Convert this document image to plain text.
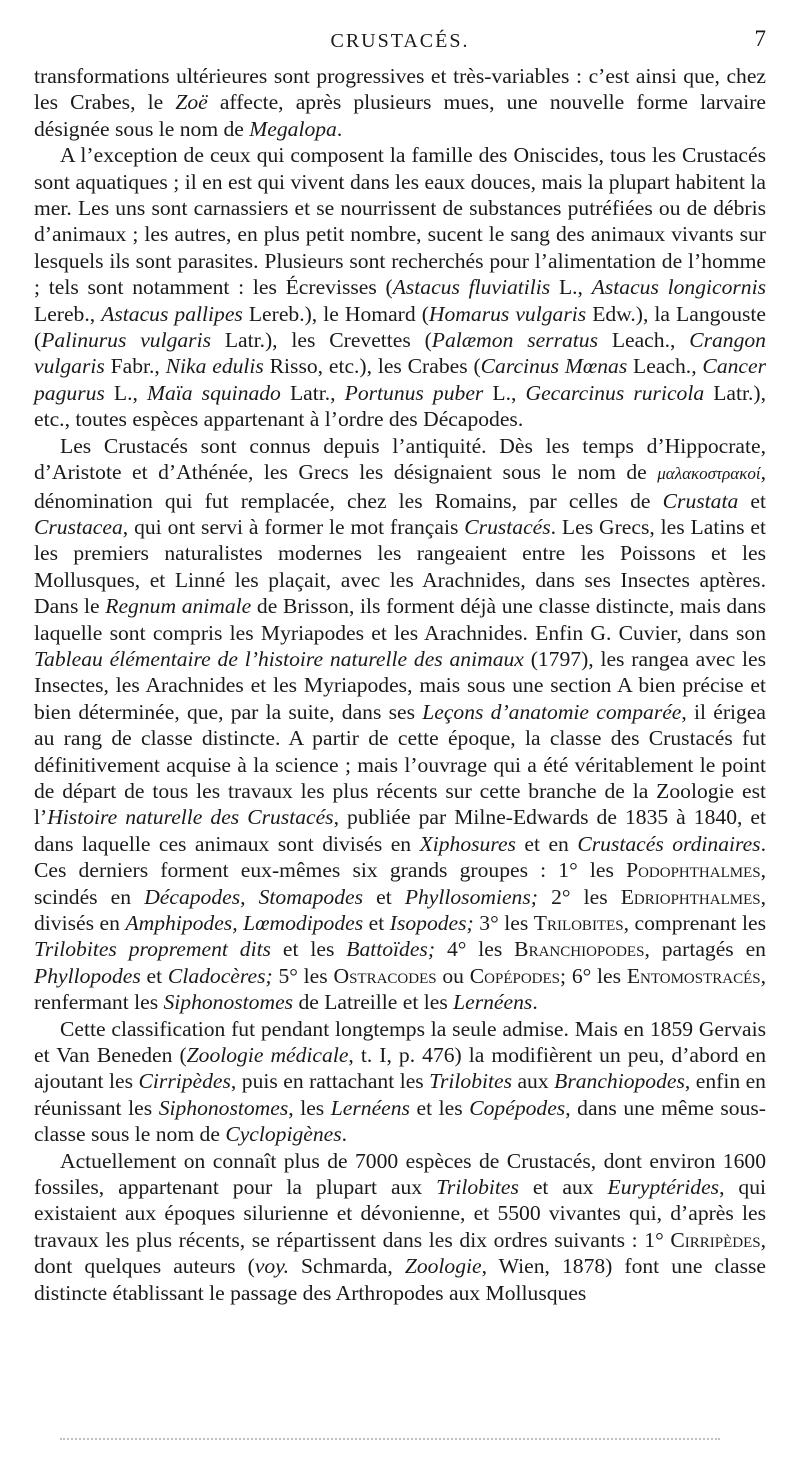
CRUSTACÉS.	7

transformations ultérieures sont progressives et très-variables : c’est ainsi que, chez les Crabes, le Zoë affecte, après plusieurs mues, une nouvelle forme larvaire désignée sous le nom de Megalopa.

A l’exception de ceux qui composent la famille des Oniscides, tous les Crustacés sont aquatiques ; il en est qui vivent dans les eaux douces, mais la plupart habitent la mer. Les uns sont carnassiers et se nourrissent de substances putréfiées ou de débris d’animaux ; les autres, en plus petit nombre, sucent le sang des animaux vivants sur lesquels ils sont parasites. Plusieurs sont recherchés pour l’alimentation de l’homme ; tels sont notamment : les Écrevisses (Astacus fluviatilis L., Astacus longicornis Lereb., Astacus pallipes Lereb.), le Homard (Homarus vulgaris Edw.), la Langouste (Palinurus vulgaris Latr.), les Crevettes (Palæmon serratus Leach., Crangon vulgaris Fabr., Nika edulis Risso, etc.), les Crabes (Carcinus Mœnas Leach., Cancer pagurus L., Maïa squinado Latr., Portunus puber L., Gecarcinus ruricola Latr.), etc., toutes espèces appartenant à l’ordre des Décapodes.

Les Crustacés sont connus depuis l’antiquité. Dès les temps d’Hippocrate, d’Aristote et d’Athénée, les Grecs les désignaient sous le nom de μαλακοστρακοί, dénomination qui fut remplacée, chez les Romains, par celles de Crustata et Crustacea, qui ont servi à former le mot français Crustacés. Les Grecs, les Latins et les premiers naturalistes modernes les rangeaient entre les Poissons et les Mollusques, et Linné les plaçait, avec les Arachnides, dans ses Insectes aptères. Dans le Regnum animale de Brisson, ils forment déjà une classe distincte, mais dans laquelle sont compris les Myriapodes et les Arachnides. Enfin G. Cuvier, dans son Tableau élémentaire de l’histoire naturelle des animaux (1797), les rangea avec les Insectes, les Arachnides et les Myriapodes, mais sous une section A bien précise et bien déterminée, que, par la suite, dans ses Leçons d’anatomie comparée, il érigea au rang de classe distincte. A partir de cette époque, la classe des Crustacés fut définitivement acquise à la science ; mais l’ouvrage qui a été véritablement le point de départ de tous les travaux les plus récents sur cette branche de la Zoologie est l’Histoire naturelle des Crustacés, publiée par Milne-Edwards de 1835 à 1840, et dans laquelle ces animaux sont divisés en Xiphosures et en Crustacés ordinaires. Ces derniers forment eux-mêmes six grands groupes : 1° les Podophthalmes, scindés en Décapodes, Stomapodes et Phyllosomiens; 2° les Edriophthalmes, divisés en Amphipodes, Lœmodipodes et Isopodes; 3° les Trilobites, comprenant les Trilobites proprement dits et les Battoïdes; 4° les Branchiopodes, partagés en Phyllopodes et Cladocères; 5° les Ostracodes ou Copépodes; 6° les Entomostracés, renfermant les Siphonostomes de Latreille et les Lernéens.

Cette classification fut pendant longtemps la seule admise. Mais en 1859 Gervais et Van Beneden (Zoologie médicale, t. I, p. 476) la modifièrent un peu, d’abord en ajoutant les Cirripèdes, puis en rattachant les Trilobites aux Branchiopodes, enfin en réunissant les Siphonostomes, les Lernéens et les Copépodes, dans une même sous-classe sous le nom de Cyclopigènes.

Actuellement on connaît plus de 7000 espèces de Crustacés, dont environ 1600 fossiles, appartenant pour la plupart aux Trilobites et aux Euryptérides, qui existaient aux époques silurienne et dévonienne, et 5500 vivantes qui, d’après les travaux les plus récents, se répartissent dans les dix ordres suivants : 1° Cirripèdes, dont quelques auteurs (voy. Schmarda, Zoologie, Wien, 1878) font une classe distincte établissant le passage des Arthropodes aux Mollusques
